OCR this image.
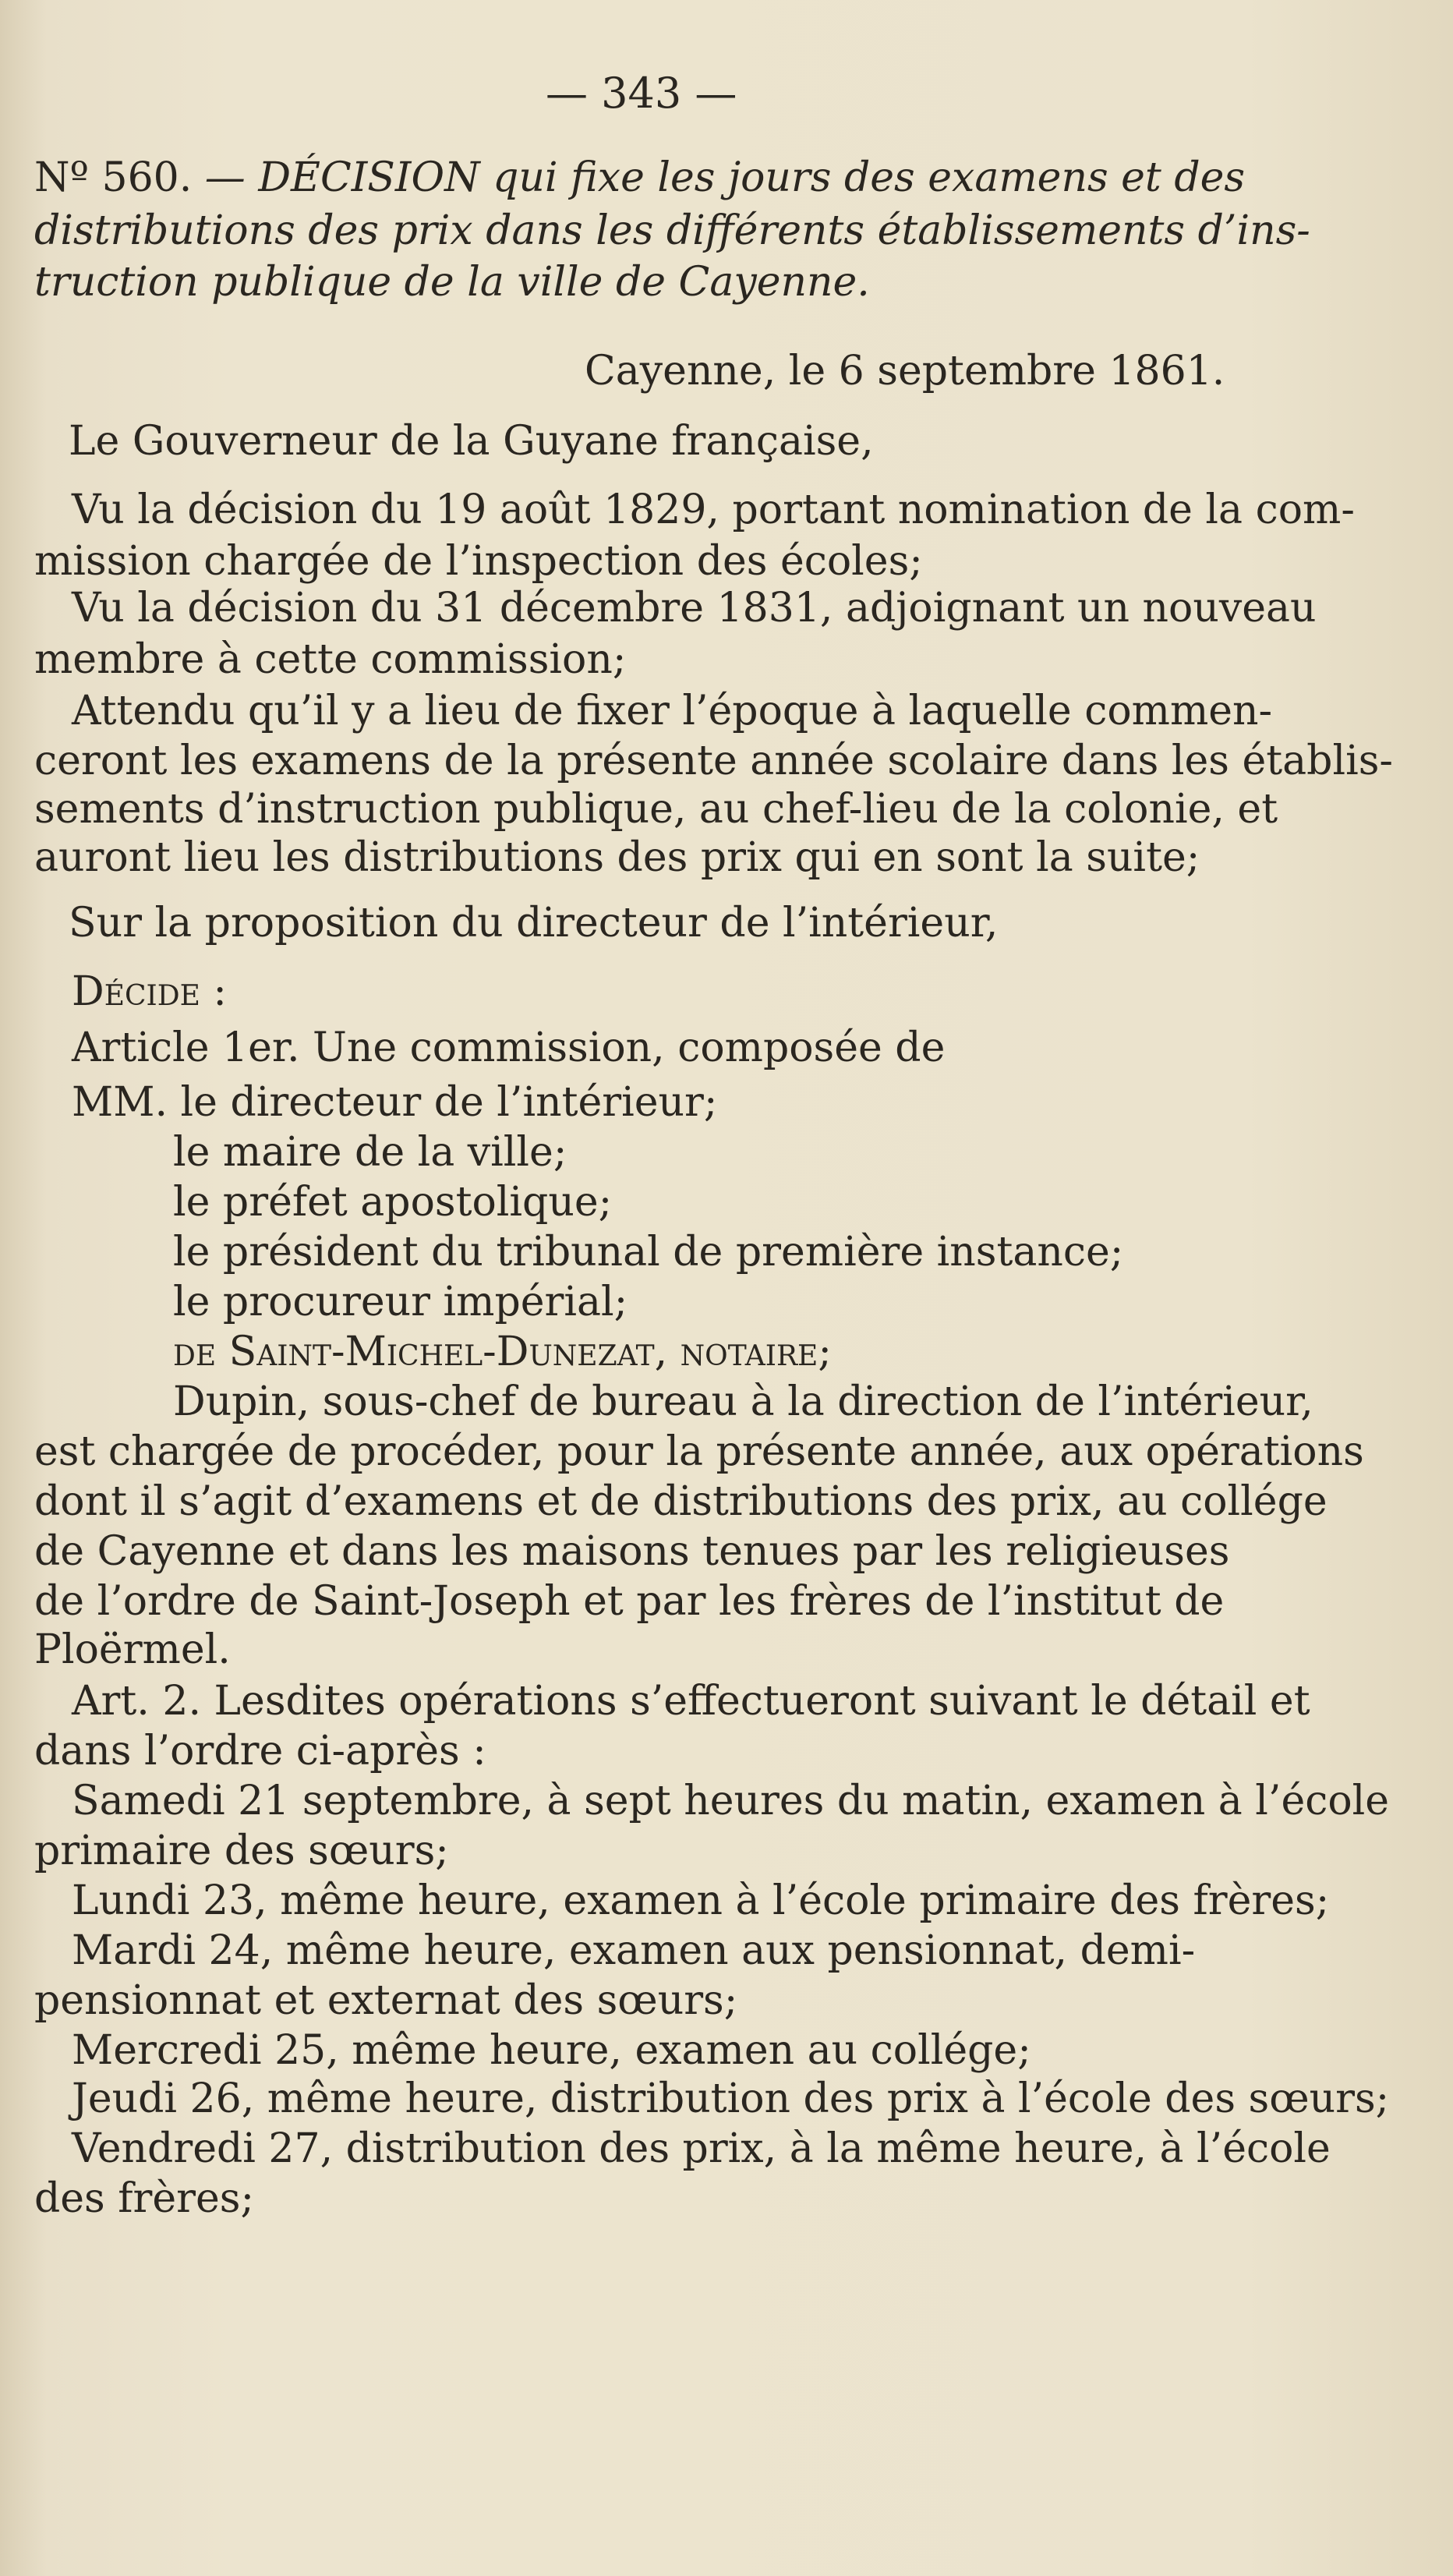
— 343 —
Nº 560. — DÉCISION qui fixe les jours des examens et des
distributions des prix dans les différents établissements d’ins-
truction publique de la ville de Cayenne.
Cayenne, le 6 septembre 1861.
Le Gouverneur de la Guyane française,
Vu la décision du 19 août 1829, portant nomination de la com-
mission chargée de l’inspection des écoles;
Vu la décision du 31 décembre 1831, adjoignant un nouveau
membre à cette commission;
Attendu qu’il y a lieu de fixer l’époque à laquelle commen-
ceront les examens de la présente année scolaire dans les établis-
sements d’instruction publique, au chef-lieu de la colonie, et
auront lieu les distributions des prix qui en sont la suite;
Sur la proposition du directeur de l’intérieur,
Décide :
Article 1er. Une commission, composée de
MM. le directeur de l’intérieur;
le maire de la ville;
le préfet apostolique;
le président du tribunal de première instance;
le procureur impérial;
de Saint-Michel-Dunezat, notaire;
Dupin, sous-chef de bureau à la direction de l’intérieur,
est chargée de procéder, pour la présente année, aux opérations
dont il s’agit d’examens et de distributions des prix, au collége
de Cayenne et dans les maisons tenues par les religieuses
de l’ordre de Saint-Joseph et par les frères de l’institut de
Ploërmel.
Art. 2. Lesdites opérations s’effectueront suivant le détail et
dans l’ordre ci-après :
Samedi 21 septembre, à sept heures du matin, examen à l’école
primaire des sœurs;
Lundi 23, même heure, examen à l’école primaire des frères;
Mardi 24, même heure, examen aux pensionnat, demi-
pensionnat et externat des sœurs;
Mercredi 25, même heure, examen au collége;
Jeudi 26, même heure, distribution des prix à l’école des sœurs;
Vendredi 27, distribution des prix, à la même heure, à l’école
des frères;
